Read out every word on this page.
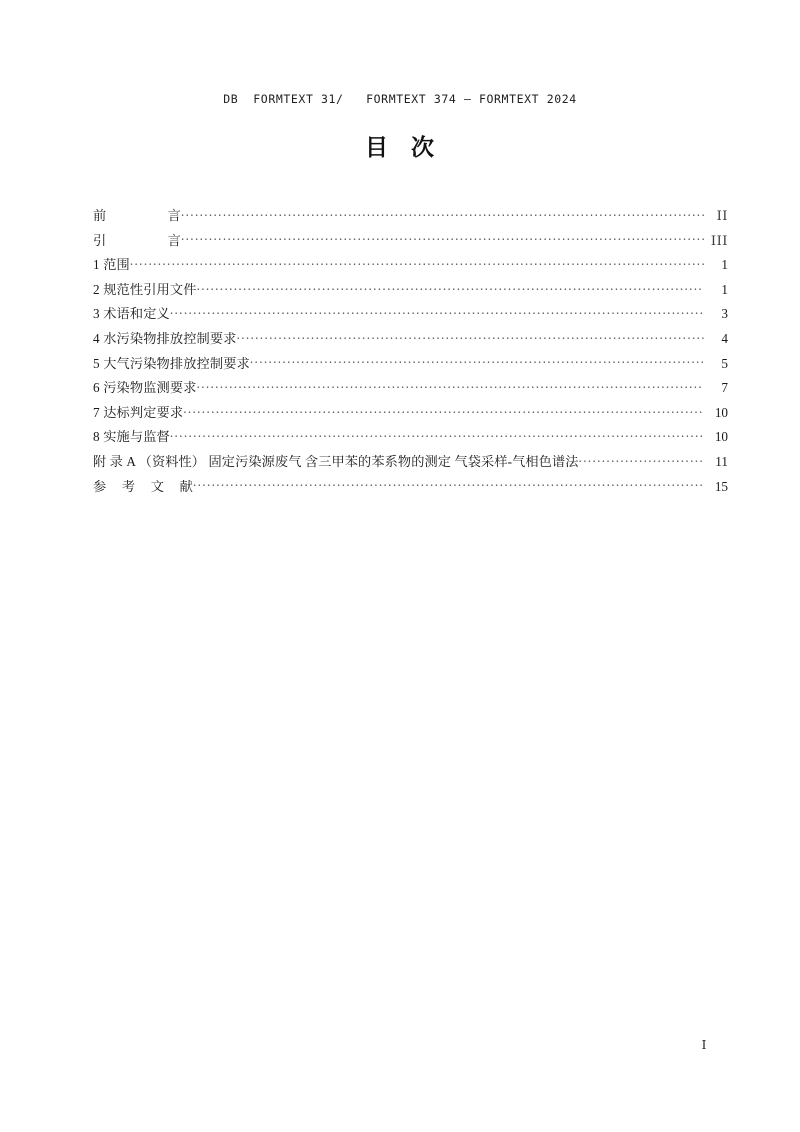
DB  FORMTEXT 31/   FORMTEXT 374 — FORMTEXT 2024
目 次
前	言 .....	II
引	言 .....	III
1 范围 .....	1
2 规范性引用文件 .....	1
3 术语和定义 .....	3
4 水污染物排放控制要求 .....	4
5 大气污染物排放控制要求 .....	5
6 污染物监测要求 .....	7
7 达标判定要求 .....	10
8 实施与监督 .....	10
附 录 A （资料性） 固定污染源废气 含三甲苯的苯系物的测定 气袋采样-气相色谱法 .....	11
参 考 文 献 .....	15
I
